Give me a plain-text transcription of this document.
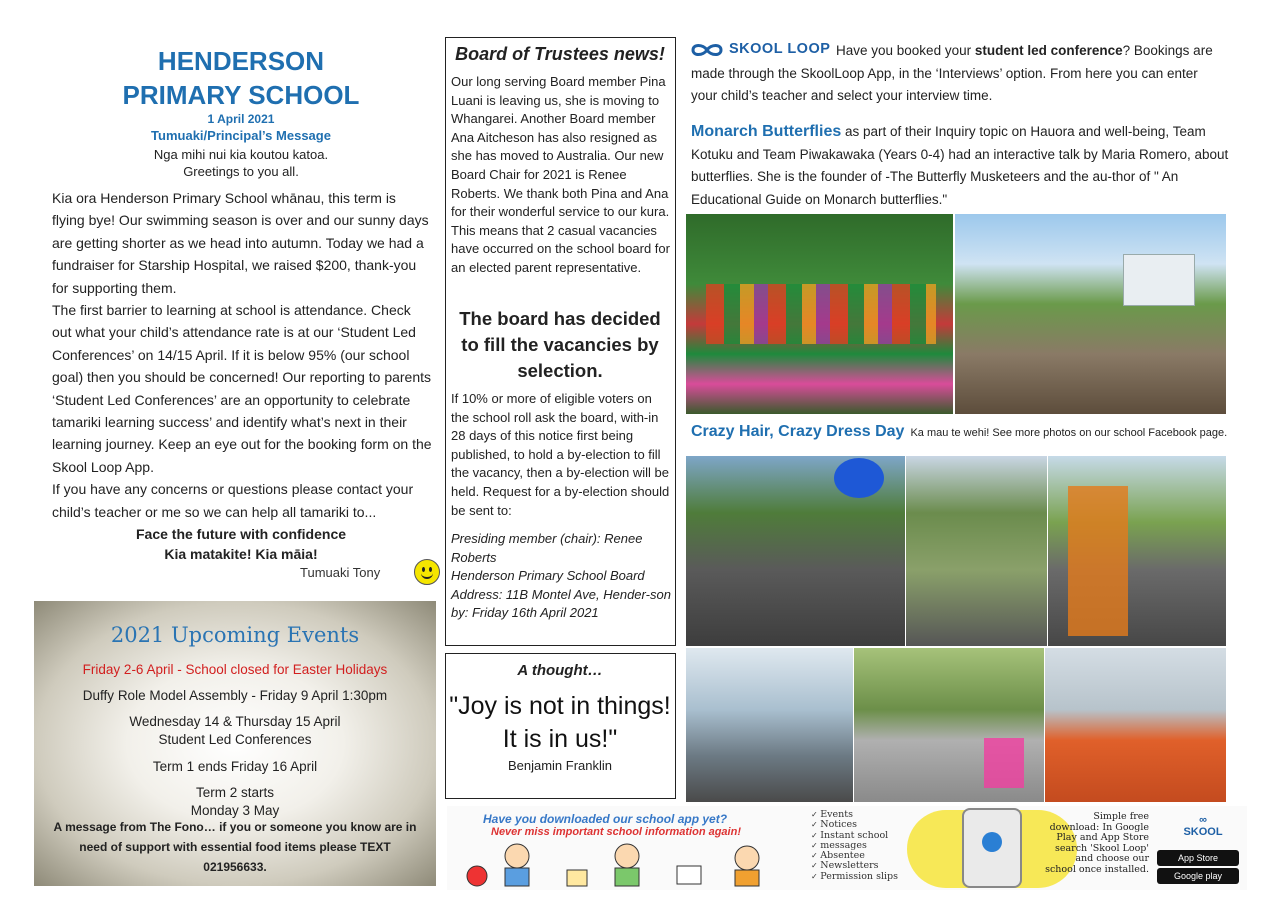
HENDERSON
PRIMARY SCHOOL
1 April 2021
Tumuaki/Principal’s Message
Nga mihi nui kia koutou katoa.
Greetings to you all.

Kia ora Henderson Primary School whānau, this term is flying bye! Our swimming season is over and our sunny days are getting shorter as we head into autumn. Today we had a fundraiser for Starship Hospital, we raised $200, thank-you for supporting them.

The first barrier to learning at school is attendance. Check out what your child’s attendance rate is at our ‘Student Led Conferences’ on 14/15 April. If it is below 95% (our school goal) then you should be concerned! Our reporting to parents ‘Student Led Conferences’ are an opportunity to celebrate tamariki learning success’ and identify what’s next in their learning journey. Keep an eye out for the booking form on the Skool Loop App.

If you have any concerns or questions please contact your child’s teacher or me so we can help all tamariki to...

Face the future with confidence
Kia matakite! Kia māia!
Tumuaki Tony
2021 Upcoming Events
Friday 2-6 April - School closed for Easter Holidays
Duffy Role Model Assembly - Friday 9 April 1:30pm
Wednesday 14 & Thursday 15 April
Student Led Conferences
Term 1 ends Friday 16 April
Term 2 starts
Monday 3 May
A message from The Fono… if you or someone you know are in need of support with essential food items please TEXT 021956633.
Board of Trustees news!
Our long serving Board member Pina Luani is leaving us, she is moving to Whangarei. Another Board member Ana Aitcheson has also resigned as she has moved to Australia. Our new Board Chair for 2021 is Renee Roberts. We thank both Pina and Ana for their wonderful service to our kura. This means that 2 casual vacancies have occurred on the school board for an elected parent representative.
The board has decided to fill the vacancies by selection.
If 10% or more of eligible voters on the school roll ask the board, with-in 28 days of this notice first being published, to hold a by-election to fill the vacancy, then a by-election will be held. Request for a by-election should be sent to:
Presiding member (chair): Renee Roberts
Henderson Primary School Board
Address: 11B Montel Ave, Hender-son
by: Friday 16th April 2021
A thought…
"Joy is not in things! It is in us!"
Benjamin Franklin
Have you booked your student led conference? Bookings are made through the SkoolLoop App, in the ‘Interviews’ option. From here you can enter your child’s teacher and select your interview time.
SKOOL LOOP
Monarch Butterflies as part of their Inquiry topic on Hauora and well-being, Team Kotuku and Team Piwakawaka (Years 0-4) had an interactive talk by Maria Romero, about butterflies. She is the founder of -The Butterfly Musketeers and the au-thor of " An Educational Guide on Monarch butterflies."
Crazy Hair, Crazy Dress Day Ka mau te wehi! See more photos on our school Facebook page.
Have you downloaded our school app yet?
Never miss important school information again!
✓ Events
✓ Notices
✓ Instant school
✓ messages
✓ Absentee
✓ Newsletters
✓ Permission slips
Simple free download: In Google Play and App Store search 'Skool Loop' and choose our school once installed.
∞
SKOOL
App Store
Google play
